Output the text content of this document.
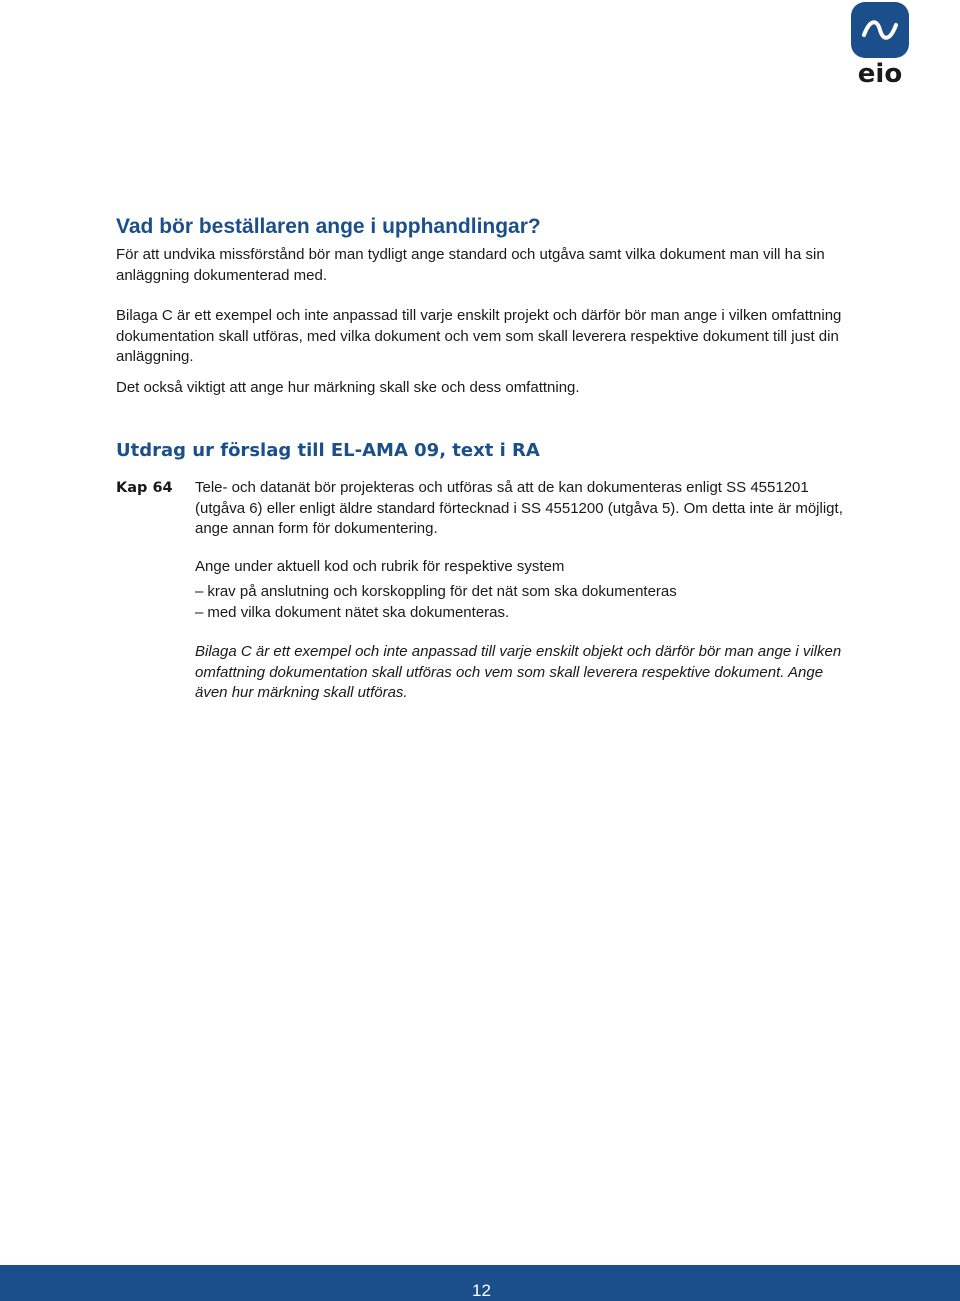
eio
Vad bör beställaren ange i upphandlingar?

För att undvika missförstånd bör man tydligt ange standard och utgåva samt vilka dokument man vill ha sin anläggning dokumenterad med.

Bilaga C är ett exempel och inte anpassad till varje enskilt projekt och därför bör man ange i vilken omfattning dokumentation skall utföras, med vilka dokument och vem som skall leverera respektive dokument till just din anläggning.

Det också viktigt att ange hur märkning skall ske och dess omfattning.

Utdrag ur förslag till EL-AMA 09, text i RA
Kap 64 Tele- och datanät bör projekteras och utföras så att de kan dokumenteras enligt SS 4551201 (utgåva 6) eller enligt äldre standard förtecknad i SS 4551200 (utgåva 5). Om detta inte är möjligt, ange annan form för dokumentering.

Ange under aktuell kod och rubrik för respektive system

– krav på anslutning och korskoppling för det nät som ska dokumenteras
– med vilka dokument nätet ska dokumenteras.

Bilaga C är ett exempel och inte anpassad till varje enskilt objekt och därför bör man ange i vilken omfattning dokumentation skall utföras och vem som skall leverera respektive dokument. Ange även hur märkning skall utföras.

12
